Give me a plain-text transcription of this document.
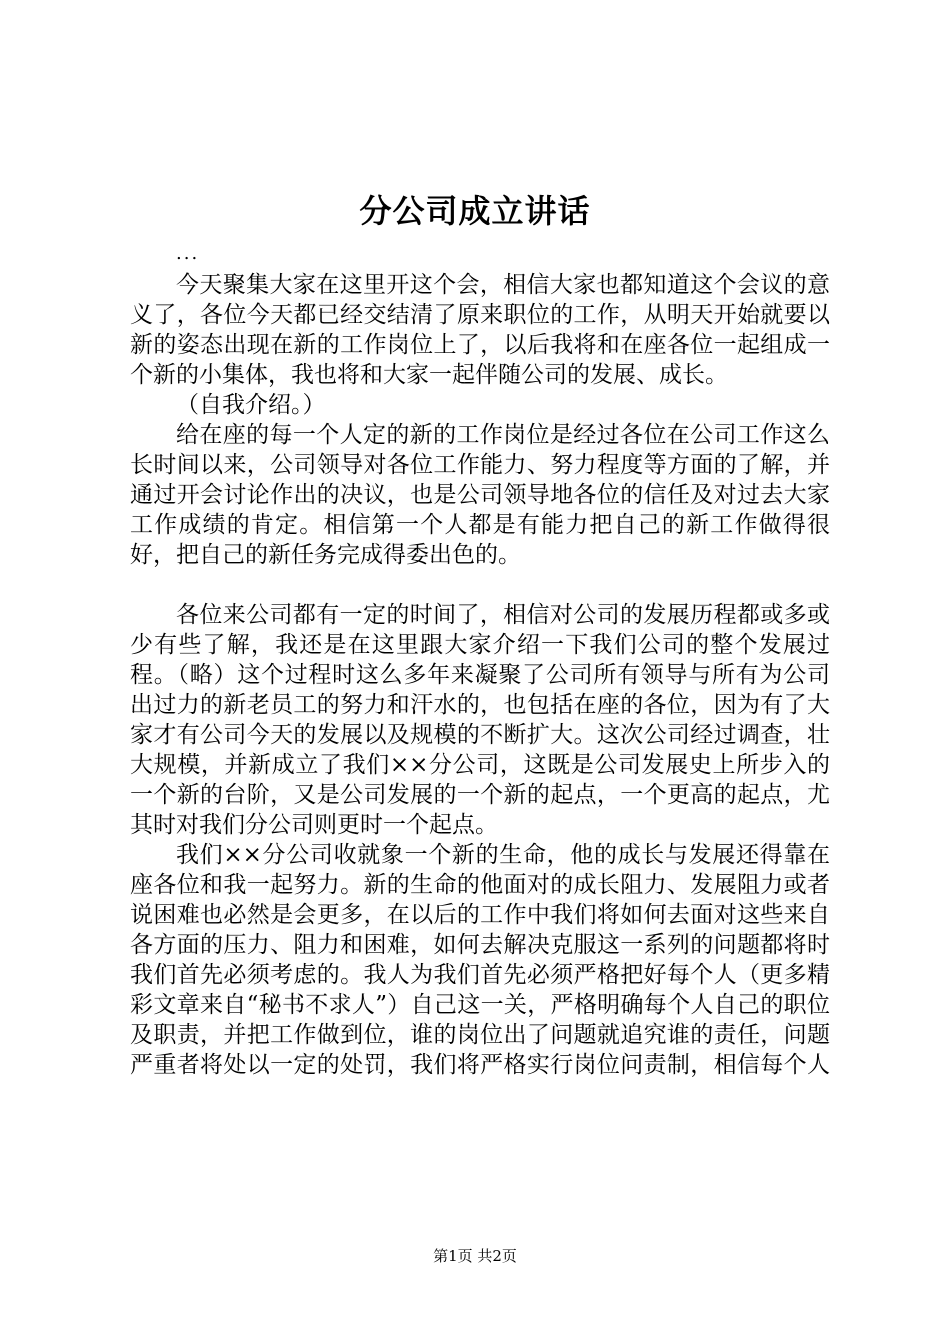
分公司成立讲话
...

今天聚集大家在这里开这个会，相信大家也都知道这个会议的意义了，各位今天都已经交结清了原来职位的工作，从明天开始就要以新的姿态出现在新的工作岗位上了，以后我将和在座各位一起组成一个新的小集体，我也将和大家一起伴随公司的发展、成长。

（自我介绍。）

给在座的每一个人定的新的工作岗位是经过各位在公司工作这么长时间以来，公司领导对各位工作能力、努力程度等方面的了解，并通过开会讨论作出的决议，也是公司领导地各位的信任及对过去大家工作成绩的肯定。相信第一个人都是有能力把自己的新工作做得很好，把自己的新任务完成得委出色的。

各位来公司都有一定的时间了，相信对公司的发展历程都或多或少有些了解，我还是在这里跟大家介绍一下我们公司的整个发展过程。（略）这个过程时这么多年来凝聚了公司所有领导与所有为公司出过力的新老员工的努力和汗水的，也包括在座的各位，因为有了大家才有公司今天的发展以及规模的不断扩大。这次公司经过调查，壮大规模，并新成立了我们××分公司，这既是公司发展史上所步入的一个新的台阶，又是公司发展的一个新的起点，一个更高的起点，尤其时对我们分公司则更时一个起点。

我们××分公司收就象一个新的生命，他的成长与发展还得靠在座各位和我一起努力。新的生命的他面对的成长阻力、发展阻力或者说困难也必然是会更多，在以后的工作中我们将如何去面对这些来自各方面的压力、阻力和困难，如何去解决克服这一系列的问题都将时我们首先必须考虑的。我人为我们首先必须严格把好每个人（更多精彩文章来自“秘书不求人”）自己这一关，严格明确每个人自己的职位及职责，并把工作做到位，谁的岗位出了问题就追究谁的责任，问题严重者将处以一定的处罚，我们将严格实行岗位问责制，相信每个人

第1页 共2页
